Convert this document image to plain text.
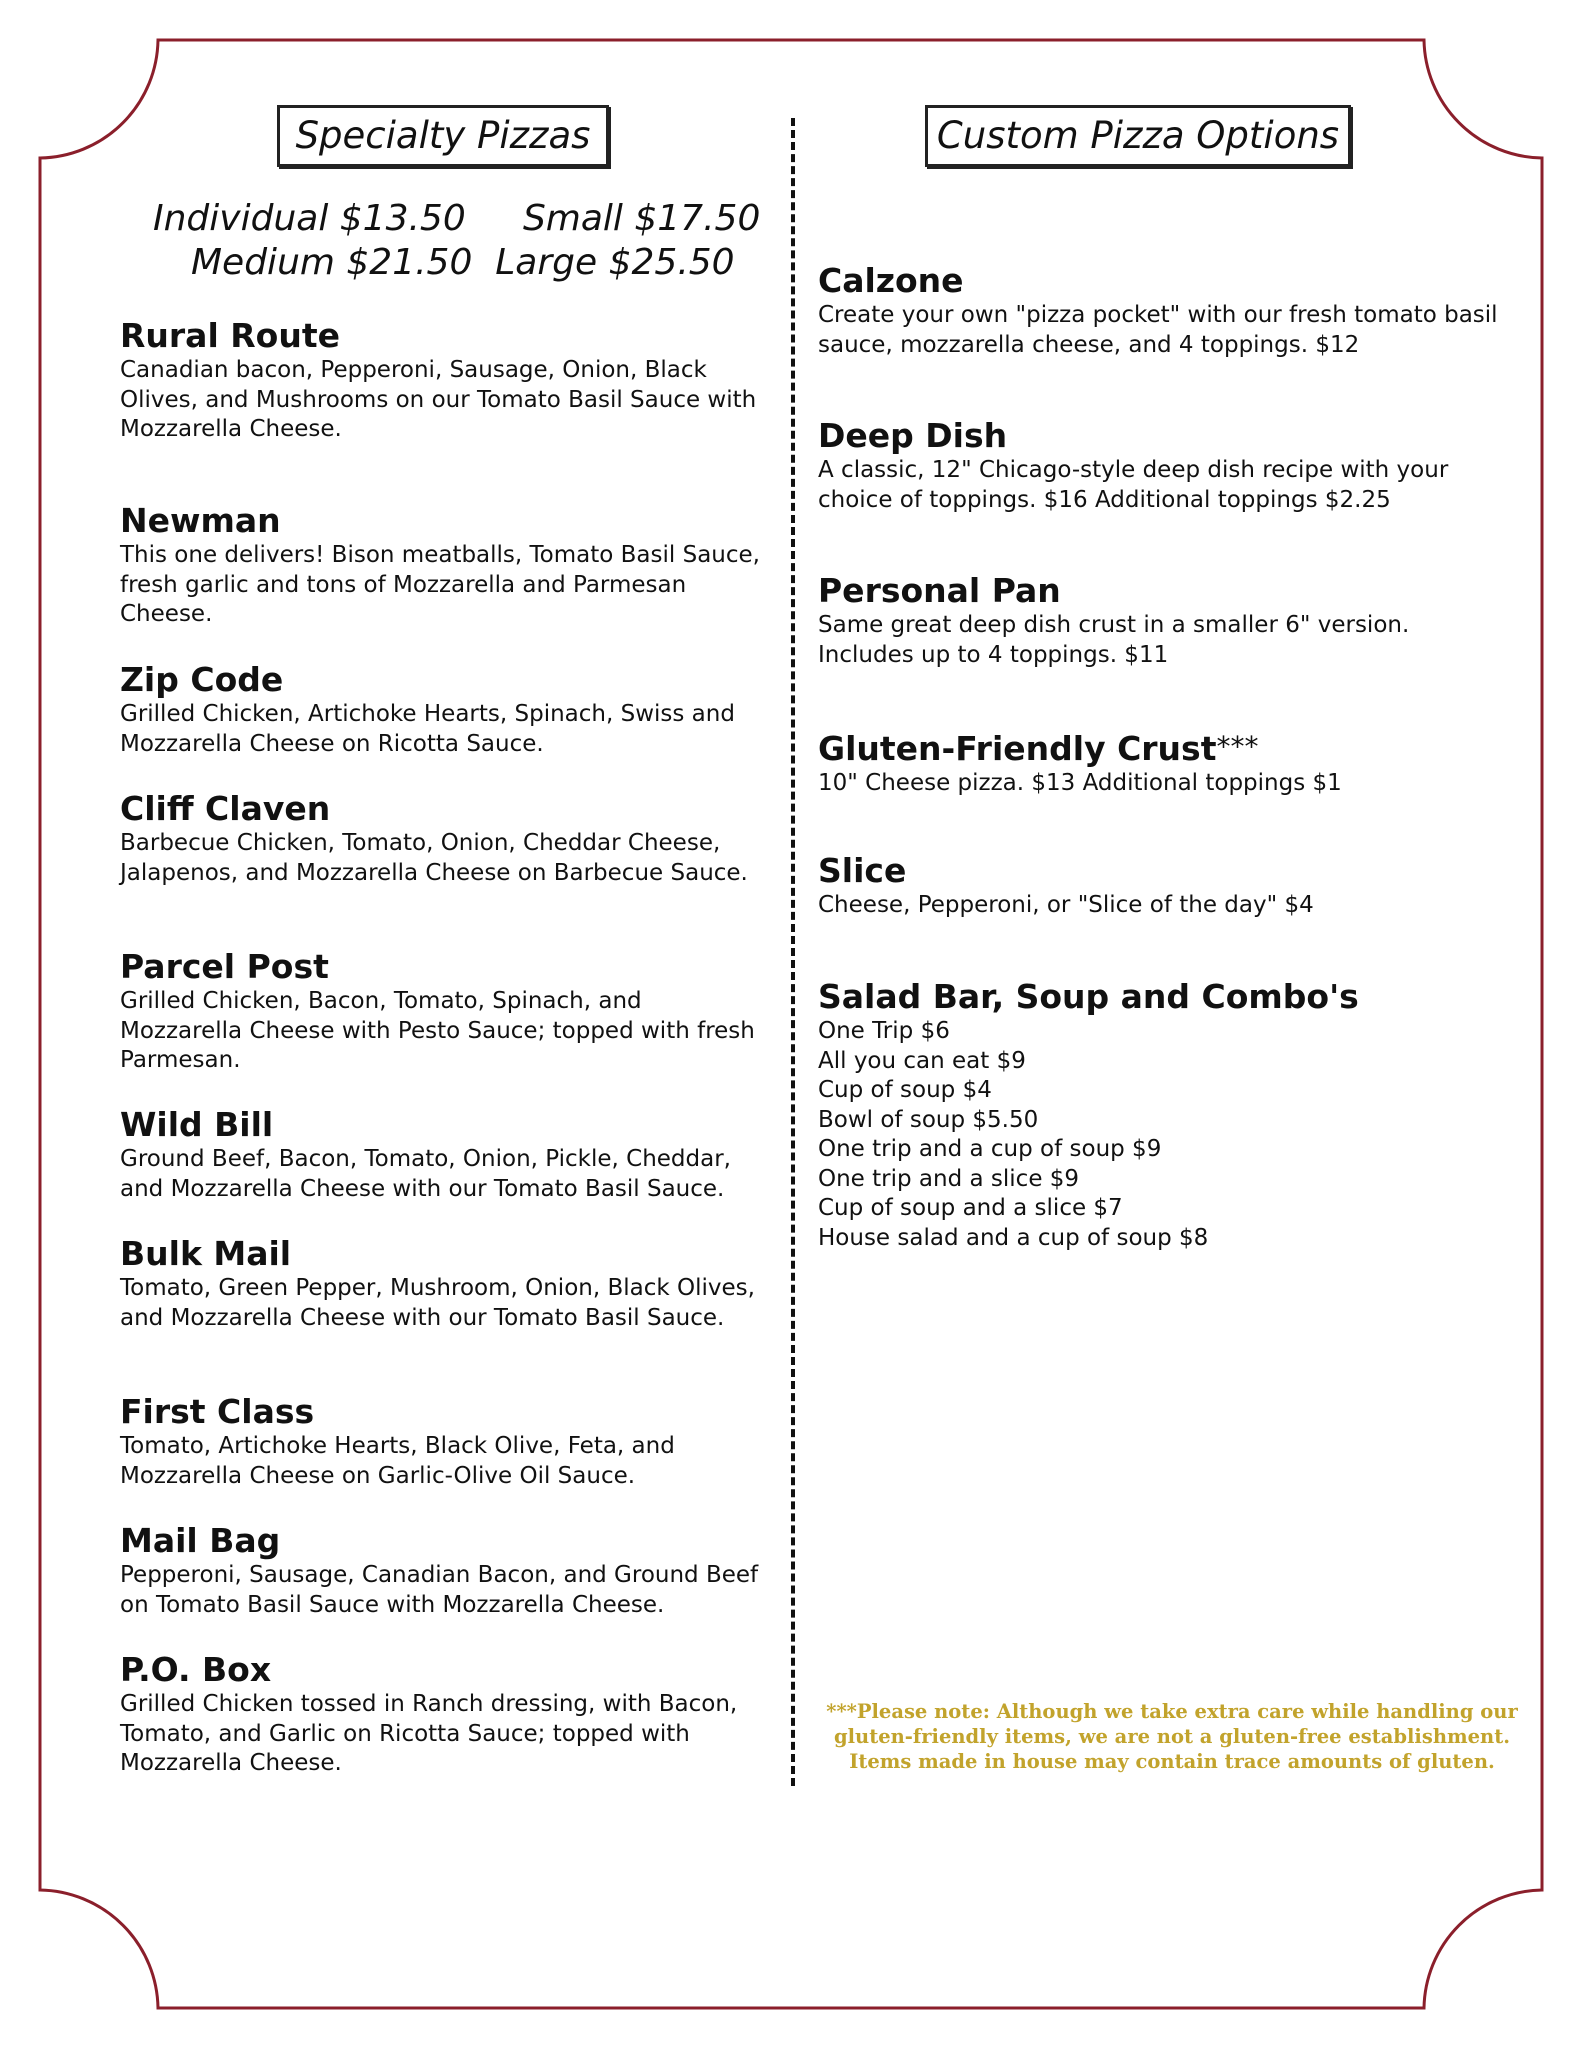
Specialty Pizzas
Individual $13.50     Small $17.50
Medium $21.50  Large $25.50
Rural Route
Canadian bacon, Pepperoni, Sausage, Onion, Black Olives, and Mushrooms on our Tomato Basil Sauce with Mozzarella Cheese.
Newman
This one delivers! Bison meatballs, Tomato Basil Sauce, fresh garlic and tons of Mozzarella and Parmesan Cheese.
Zip Code
Grilled Chicken, Artichoke Hearts, Spinach, Swiss and Mozzarella Cheese on Ricotta Sauce.
Cliff Claven
Barbecue Chicken, Tomato, Onion, Cheddar Cheese, Jalapenos, and Mozzarella Cheese on Barbecue Sauce.
Parcel Post
Grilled Chicken, Bacon, Tomato, Spinach, and Mozzarella Cheese with Pesto Sauce; topped with fresh Parmesan.
Wild Bill
Ground Beef, Bacon, Tomato, Onion, Pickle, Cheddar, and Mozzarella Cheese with our Tomato Basil Sauce.
Bulk Mail
Tomato, Green Pepper, Mushroom, Onion, Black Olives, and Mozzarella Cheese with our Tomato Basil Sauce.
First Class
Tomato, Artichoke Hearts, Black Olive, Feta, and Mozzarella Cheese on Garlic-Olive Oil Sauce.
Mail Bag
Pepperoni, Sausage, Canadian Bacon, and Ground Beef on Tomato Basil Sauce with Mozzarella Cheese.
P.O. Box
Grilled Chicken tossed in Ranch dressing, with Bacon, Tomato, and Garlic on Ricotta Sauce; topped with Mozzarella Cheese.
Custom Pizza Options
Calzone
Create your own "pizza pocket" with our fresh tomato basil sauce, mozzarella cheese, and 4 toppings. $12
Deep Dish
A classic, 12" Chicago-style deep dish recipe with your choice of toppings. $16 Additional toppings $2.25
Personal Pan
Same great deep dish crust in a smaller 6" version. Includes up to 4 toppings. $11
Gluten-Friendly Crust***
10" Cheese pizza. $13 Additional toppings $1
Slice
Cheese, Pepperoni, or "Slice of the day" $4
Salad Bar, Soup and Combo's
One Trip $6
All you can eat $9
Cup of soup $4
Bowl of soup $5.50
One trip and a cup of soup $9
One trip and a slice $9
Cup of soup and a slice $7
House salad and a cup of soup $8
***Please note: Although we take extra care while handling our gluten-friendly items, we are not a gluten-free establishment. Items made in house may contain trace amounts of gluten.
